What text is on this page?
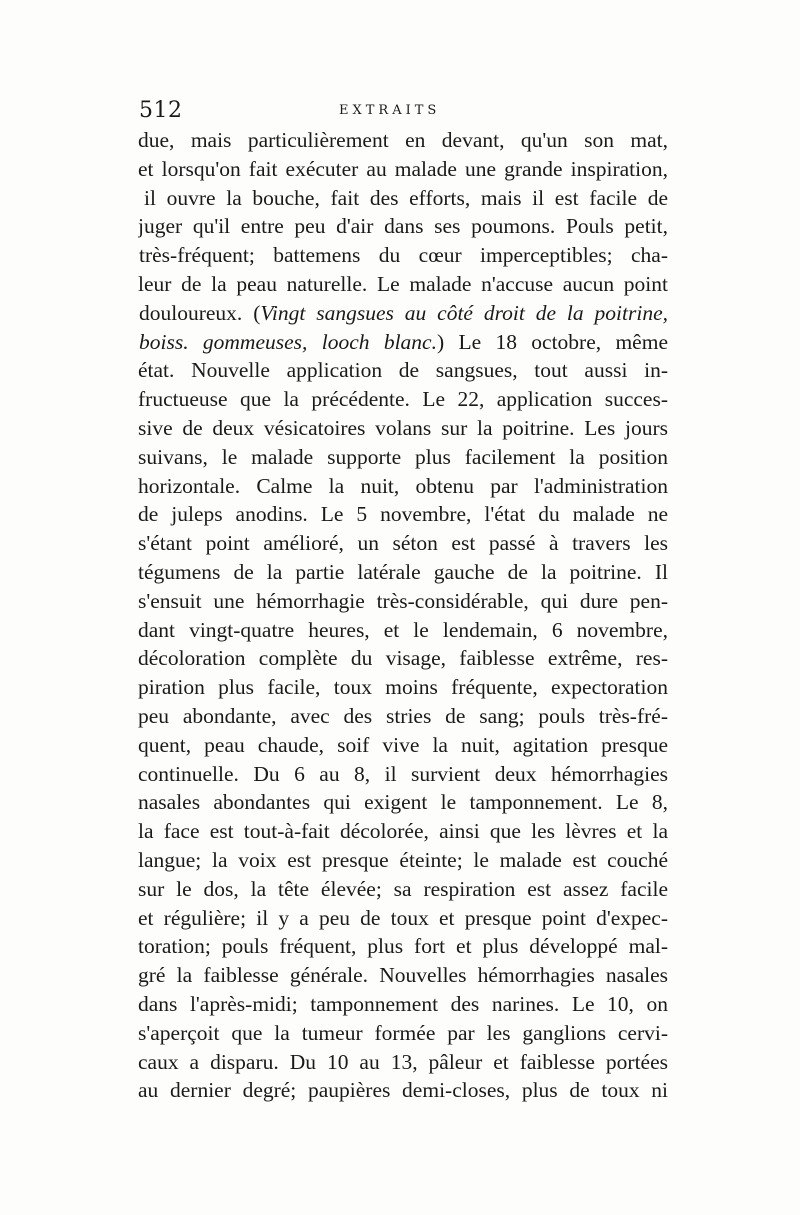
512	EXTRAITS
due, mais particulièrement en devant, qu'un son mat,
et lorsqu'on fait exécuter au malade une grande inspiration,
il ouvre la bouche, fait des efforts, mais il est facile de
juger qu'il entre peu d'air dans ses poumons. Pouls petit,
très-fréquent; battemens du cœur imperceptibles; cha-
leur de la peau naturelle. Le malade n'accuse aucun point
douloureux. (Vingt sangsues au côté droit de la poitrine,
boiss. gommeuses, looch blanc.) Le 18 octobre, même
état. Nouvelle application de sangsues, tout aussi in-
fructueuse que la précédente. Le 22, application succes-
sive de deux vésicatoires volans sur la poitrine. Les jours
suivans, le malade supporte plus facilement la position
horizontale. Calme la nuit, obtenu par l'administration
de juleps anodins. Le 5 novembre, l'état du malade ne
s'étant point amélioré, un séton est passé à travers les
tégumens de la partie latérale gauche de la poitrine. Il
s'ensuit une hémorrhagie très-considérable, qui dure pen-
dant vingt-quatre heures, et le lendemain, 6 novembre,
décoloration complète du visage, faiblesse extrême, res-
piration plus facile, toux moins fréquente, expectoration
peu abondante, avec des stries de sang; pouls très-fré-
quent, peau chaude, soif vive la nuit, agitation presque
continuelle. Du 6 au 8, il survient deux hémorrhagies
nasales abondantes qui exigent le tamponnement. Le 8,
la face est tout-à-fait décolorée, ainsi que les lèvres et la
langue; la voix est presque éteinte; le malade est couché
sur le dos, la tête élevée; sa respiration est assez facile
et régulière; il y a peu de toux et presque point d'expec-
toration; pouls fréquent, plus fort et plus développé mal-
gré la faiblesse générale. Nouvelles hémorrhagies nasales
dans l'après-midi; tamponnement des narines. Le 10, on
s'aperçoit que la tumeur formée par les ganglions cervi-
caux a disparu. Du 10 au 13, pâleur et faiblesse portées
au dernier degré; paupières demi-closes, plus de toux ni
